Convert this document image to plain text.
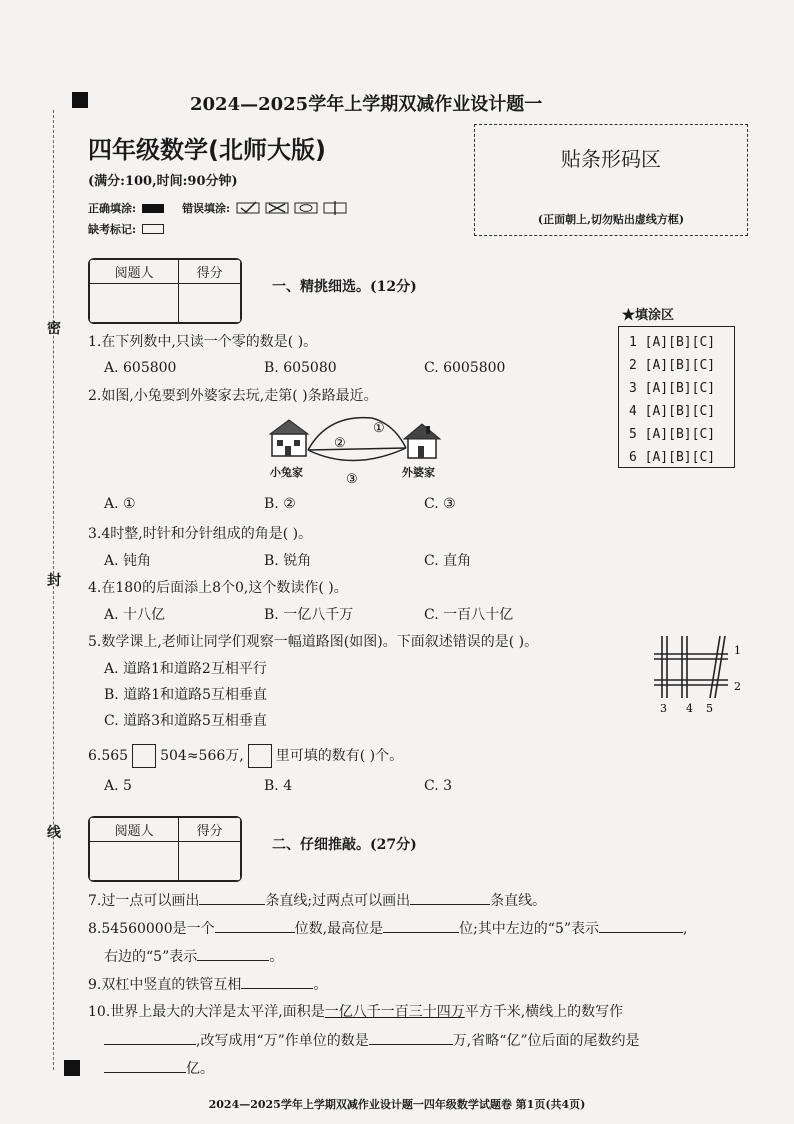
密
封
线
2024—2025学年上学期双减作业设计题一
四年级数学(北师大版)
(满分:100,时间:90分钟)
正确填涂:	错误填涂:
缺考标记:
贴条形码区
(正面朝上,切勿贴出虚线方框)
阅题人	得分

一、精挑细选。(12分)
★填涂区
1 [A][B][C]
2 [A][B][C]
3 [A][B][C]
4 [A][B][C]
5 [A][B][C]
6 [A][B][C]
1.在下列数中,只读一个零的数是( )。
A. 605800	B. 605080	C. 6005800
2.如图,小兔要到外婆家去玩,走第( )条路最近。
①
②
③
小兔家	外婆家
A. ①	B. ②	C. ③
3.4时整,时针和分针组成的角是( )。
A. 钝角	B. 锐角	C. 直角
4.在180的后面添上8个0,这个数读作( )。
A. 十八亿	B. 一亿八千万	C. 一百八十亿
5.数学课上,老师让同学们观察一幅道路图(如图)。下面叙述错误的是( )。
A. 道路1和道路2互相平行
B. 道路1和道路5互相垂直
C. 道路3和道路5互相垂直
1
2
3 4 5
6.565 504≈566万, 里可填的数有( )个。
A. 5	B. 4	C. 3
阅题人	得分

二、仔细推敲。(27分)
7.过一点可以画出	条直线;过两点可以画出	条直线。
8.54560000是一个	位数,最高位是	位;其中左边的“5”表示	,
右边的“5”表示	。
9.双杠中竖直的铁管互相	。
10.世界上最大的大洋是太平洋,面积是一亿八千一百三十四万平方千米,横线上的数写作
,改写成用“万”作单位的数是	万,省略“亿”位后面的尾数约是
亿。
2024—2025学年上学期双减作业设计题一四年级数学试题卷 第1页(共4页)
